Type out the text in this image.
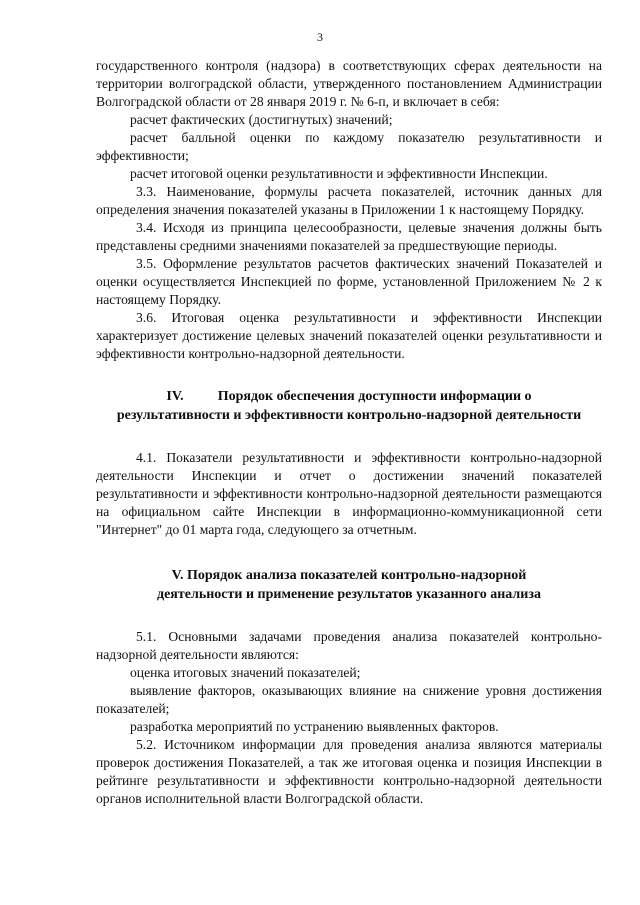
3

государственного контроля (надзора) в соответствующих сферах деятельности на территории волгоградской области, утвержденного постановлением Администрации Волгоградской области от 28 января 2019 г. № 6-п, и включает в себя:

расчет фактических (достигнутых) значений;

расчет балльной оценки по каждому показателю результативности и эффективности;

расчет итоговой оценки результативности и эффективности Инспекции.

3.3. Наименование, формулы расчета показателей, источник данных для определения значения показателей указаны в Приложении 1 к настоящему Порядку.

3.4. Исходя из принципа целесообразности, целевые значения должны быть представлены средними значениями показателей за предшествующие периоды.

3.5. Оформление результатов расчетов фактических значений Показателей и оценки осуществляется Инспекцией по форме, установленной Приложением № 2 к настоящему Порядку.

3.6. Итоговая оценка результативности и эффективности Инспекции характеризует достижение целевых значений показателей оценки результативности и эффективности контрольно-надзорной деятельности.

IV. Порядок обеспечения доступности информации о
результативности и эффективности контрольно-надзорной деятельности

4.1. Показатели результативности и эффективности контрольно-надзорной деятельности Инспекции и отчет о достижении значений показателей результативности и эффективности контрольно-надзорной деятельности размещаются на официальном сайте Инспекции в информационно-коммуникационной сети "Интернет" до 01 марта года, следующего за отчетным.

V. Порядок анализа показателей контрольно-надзорной
деятельности и применение результатов указанного анализа

5.1. Основными задачами проведения анализа показателей контрольно-надзорной деятельности являются:

оценка итоговых значений показателей;

выявление факторов, оказывающих влияние на снижение уровня достижения показателей;

разработка мероприятий по устранению выявленных факторов.

5.2. Источником информации для проведения анализа являются материалы проверок достижения Показателей, а так же итоговая оценка и позиция Инспекции в рейтинге результативности и эффективности контрольно-надзорной деятельности органов исполнительной власти Волгоградской области.
